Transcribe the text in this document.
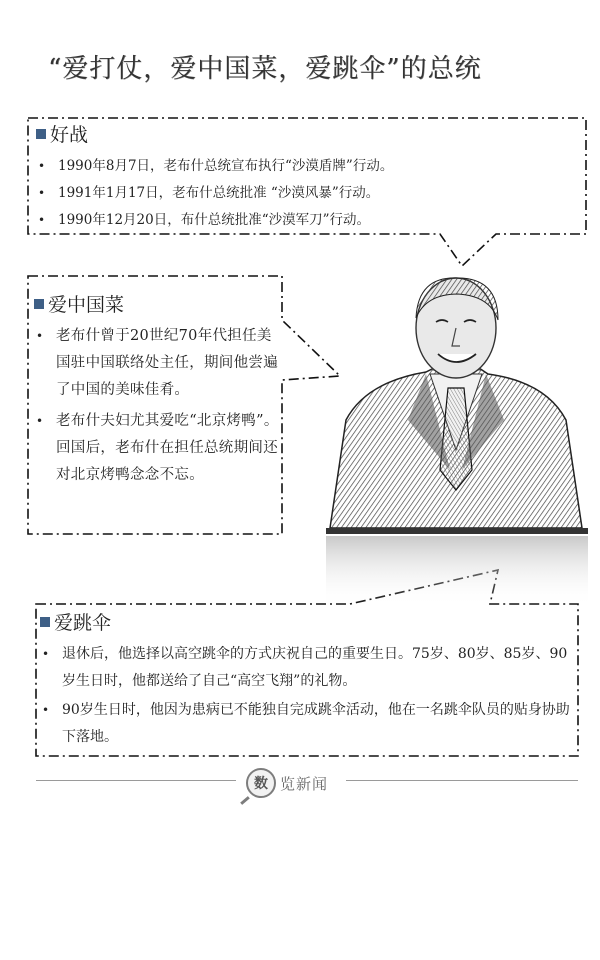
“爱打仗，爱中国菜，爱跳伞”的总统
好战
• 1990年8月7日，老布什总统宣布执行“沙漠盾牌”行动。
• 1991年1月17日，老布什总统批准 “沙漠风暴”行动。
• 1990年12月20日，布什总统批准“沙漠军刀”行动。
爱中国菜
• 老布什曾于20世纪70年代担任美国驻中国联络处主任，期间他尝遍了中国的美味佳肴。
• 老布什夫妇尤其爱吃“北京烤鸭”。回国后，老布什在担任总统期间还对北京烤鸭念念不忘。
爱跳伞
• 退休后，他选择以高空跳伞的方式庆祝自己的重要生日。75岁、80岁、85岁、90岁生日时，他都送给了自己“高空飞翔”的礼物。
• 90岁生日时，他因为患病已不能独自完成跳伞活动，他在一名跳伞队员的贴身协助下落地。
数 览新闻
